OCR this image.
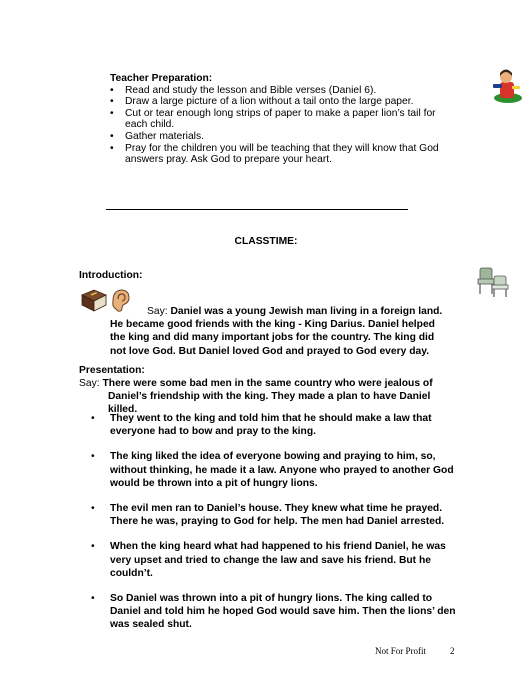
Teacher Preparation:
• Read and study the lesson and Bible verses (Daniel 6).
• Draw a large picture of a lion without a tail onto the large paper.
• Cut or tear enough long strips of paper to make a paper lion’s tail for each child.
• Gather materials.
• Pray for the children you will be teaching that they will know that God answers pray. Ask God to prepare your heart.
CLASSTIME:
Introduction:
Say: Daniel was a young Jewish man living in a foreign land. He became good friends with the king - King Darius. Daniel helped the king and did many important jobs for the country. The king did not love God. But Daniel loved God and prayed to God every day.
Presentation:
Say: There were some bad men in the same country who were jealous of
Daniel’s friendship with the king. They made a plan to have Daniel killed.
• They went to the king and told him that he should make a law that everyone had to bow and pray to the king.
• The king liked the idea of everyone bowing and praying to him, so, without thinking, he made it a law. Anyone who prayed to another God would be thrown into a pit of hungry lions.
• The evil men ran to Daniel’s house. They knew what time he prayed. There he was, praying to God for help. The men had Daniel arrested.
• When the king heard what had happened to his friend Daniel, he was very upset and tried to change the law and save his friend. But he couldn’t.
• So Daniel was thrown into a pit of hungry lions. The king called to Daniel and told him he hoped God would save him. Then the lions’ den was sealed shut.
Not For Profit	2
